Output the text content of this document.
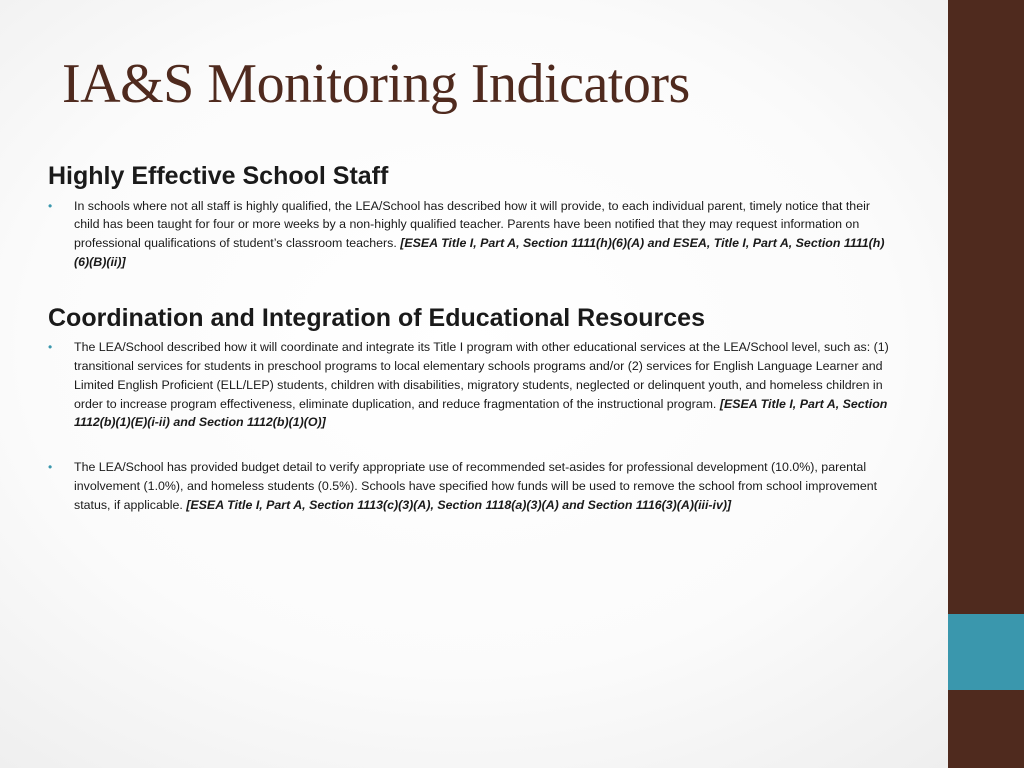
IA&S Monitoring Indicators
Highly Effective School Staff
• In schools where not all staff is highly qualified, the LEA/School has described how it will provide, to each individual parent, timely notice that their child has been taught for four or more weeks by a non-highly qualified teacher. Parents have been notified that they may request information on professional qualifications of student’s classroom teachers. [ESEA Title I, Part A, Section 1111(h)(6)(A) and ESEA, Title I, Part A, Section 1111(h)(6)(B)(ii)]
Coordination and Integration of Educational Resources
• The LEA/School described how it will coordinate and integrate its Title I program with other educational services at the LEA/School level, such as: (1) transitional services for students in preschool programs to local elementary schools programs and/or (2) services for English Language Learner and Limited English Proficient (ELL/LEP) students, children with disabilities, migratory students, neglected or delinquent youth, and homeless children in order to increase program effectiveness, eliminate duplication, and reduce fragmentation of the instructional program. [ESEA Title I, Part A, Section 1112(b)(1)(E)(i-ii) and Section 1112(b)(1)(O)]
• The LEA/School has provided budget detail to verify appropriate use of recommended set-asides for professional development (10.0%), parental involvement (1.0%), and homeless students (0.5%). Schools have specified how funds will be used to remove the school from school improvement status, if applicable. [ESEA Title I, Part A, Section 1113(c)(3)(A), Section 1118(a)(3)(A) and Section 1116(3)(A)(iii-iv)]
